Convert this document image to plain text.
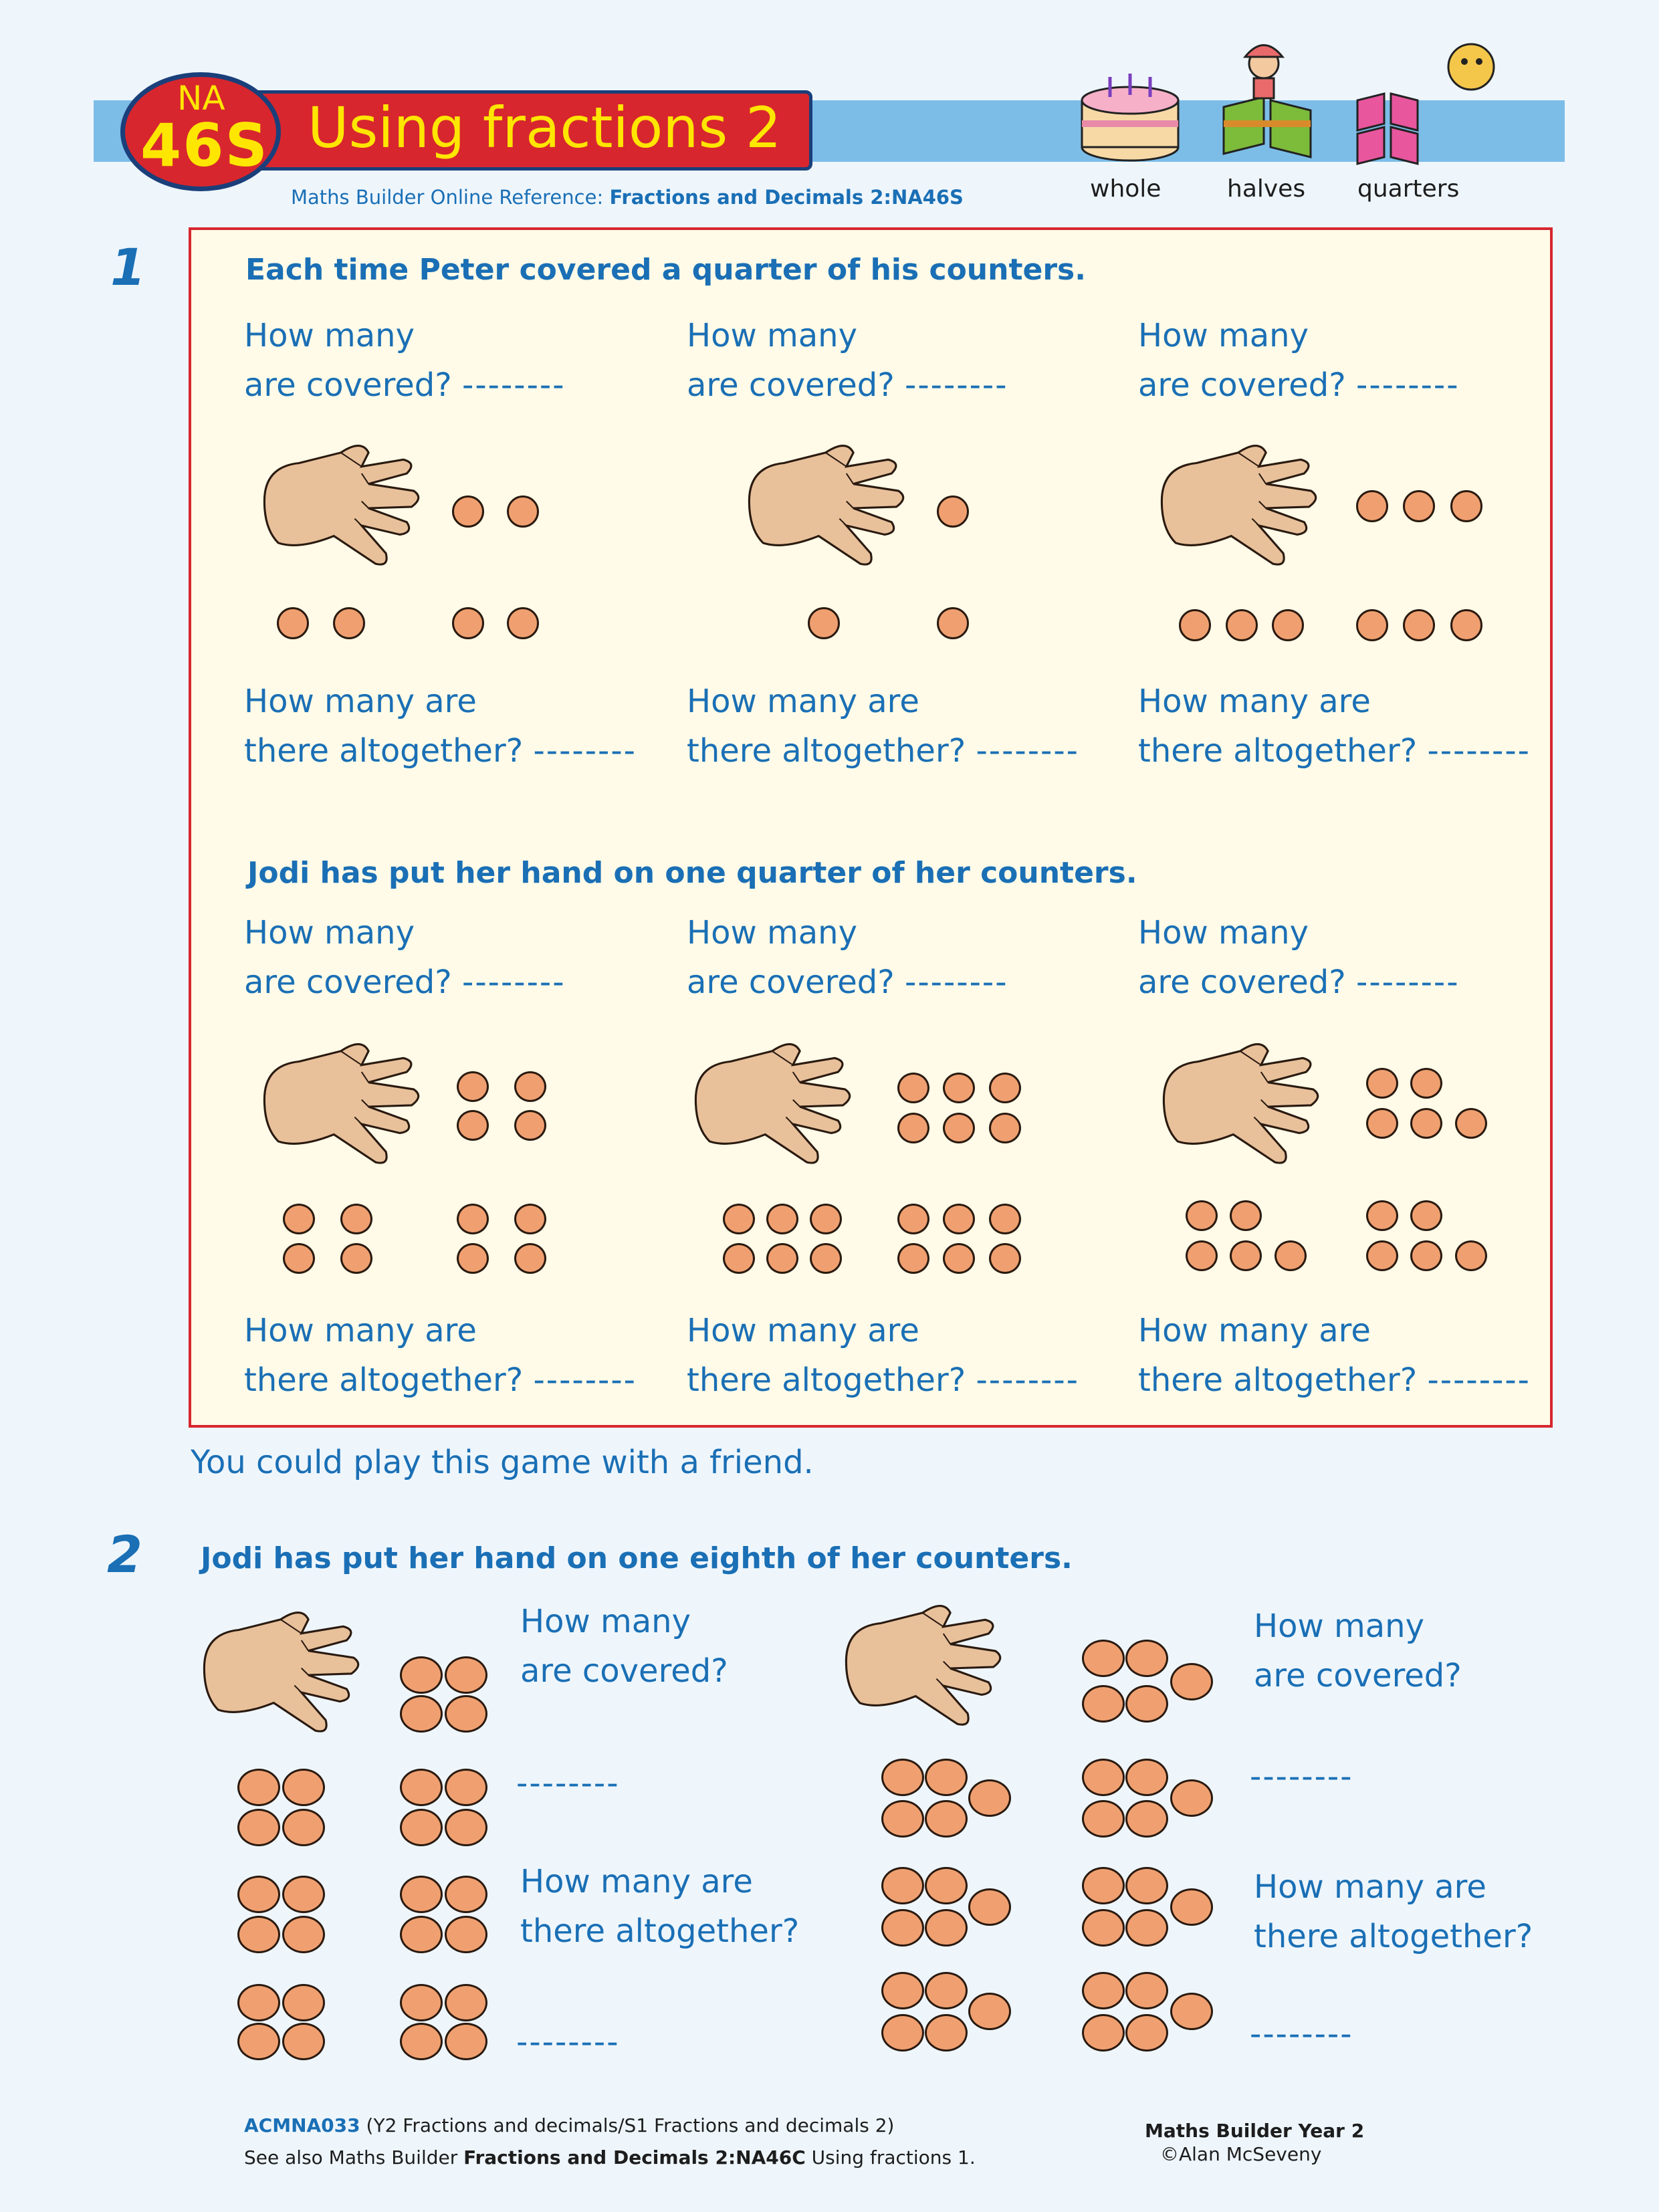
Using fractions 2
NA
46S
Maths Builder Online Reference: Fractions and Decimals 2:NA46S	whole	halves quarters
1	Each time Peter covered a quarter of his counters.
Jodi has put her hand on one quarter of her counters.
How many
are covered? --------
How many are
there altogether? --------
How many
are covered? --------
How many are
there altogether? --------
How many
are covered? --------
How many are
there altogether? --------
How many
are covered? --------
How many are
there altogether? --------
How many
are covered? --------
How many are
there altogether? --------
How many
are covered? --------
How many are
there altogether? --------
You could play this game with a friend.
2 Jodi has put her hand on one eighth of her counters.
How many
are covered?
--------
How many are
there altogether?
--------
How many
are covered?
--------
How many are
there altogether?
--------
ACMNA033 (Y2 Fractions and decimals/S1 Fractions and decimals 2)
See also Maths Builder Fractions and Decimals 2:NA46C Using fractions 1.
Maths Builder Year 2
©Alan McSeveny
